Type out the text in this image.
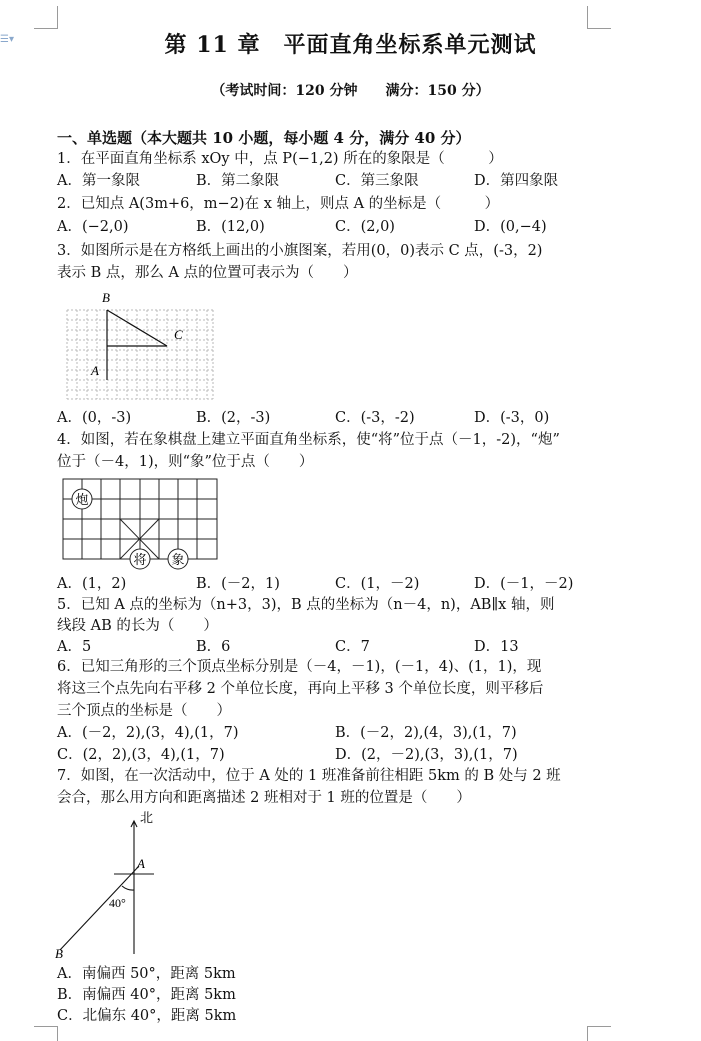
☰▾	第 11 章　平面直角坐标系单元测试
（考试时间：120 分钟　　满分：150 分）
一、单选题（本大题共 10 小题，每小题 4 分，满分 40 分）
1．在平面直角坐标系 xOy 中，点 P(−1,2) 所在的象限是（　　　）
A．第一象限	B．第二象限	C．第三象限	D．第四象限
2．已知点 A(3m+6，m−2)在 x 轴上，则点 A 的坐标是（　　　）
A．(−2,0)	B．(12,0)	C．(2,0)	D．(0,−4)
3．如图所示是在方格纸上画出的小旗图案，若用(0，0)表示 C 点，(-3，2)
表示 B 点，那么 A 点的位置可表示为（　　）
B
C
A
A．(0，-3)	B．(2，-3)	C．(-3，-2)	D．(-3，0)
4．如图，若在象棋盘上建立平面直角坐标系，使“将”位于点（－1，-2)，“炮”
位于（－4，1)，则“象”位于点（　　）
炮
将 象
A．(1，2)	B．(－2，1)	C．(1，－2)	D．(－1，－2)
5．已知 A 点的坐标为（n+3，3)，B 点的坐标为（n－4，n)，AB∥x 轴，则
线段 AB 的长为（　　）
A．5	B．6	C．7	D．13
6．已知三角形的三个顶点坐标分别是（－4，－1)，(－1，4)、(1，1)，现
将这三个点先向右平移 2 个单位长度，再向上平移 3 个单位长度，则平移后
三个顶点的坐标是（　　）
A．(－2，2),(3，4),(1，7)	B．(－2，2),(4，3),(1，7)
C．(2，2),(3，4),(1，7)	D．(2，－2),(3，3),(1，7)
7．如图，在一次活动中，位于 A 处的 1 班准备前往相距 5km 的 B 处与 2 班
会合，那么用方向和距离描述 2 班相对于 1 班的位置是（　　）
北
A
40°
B
A．南偏西 50°，距离 5km
B．南偏西 40°，距离 5km
C．北偏东 40°，距离 5km
